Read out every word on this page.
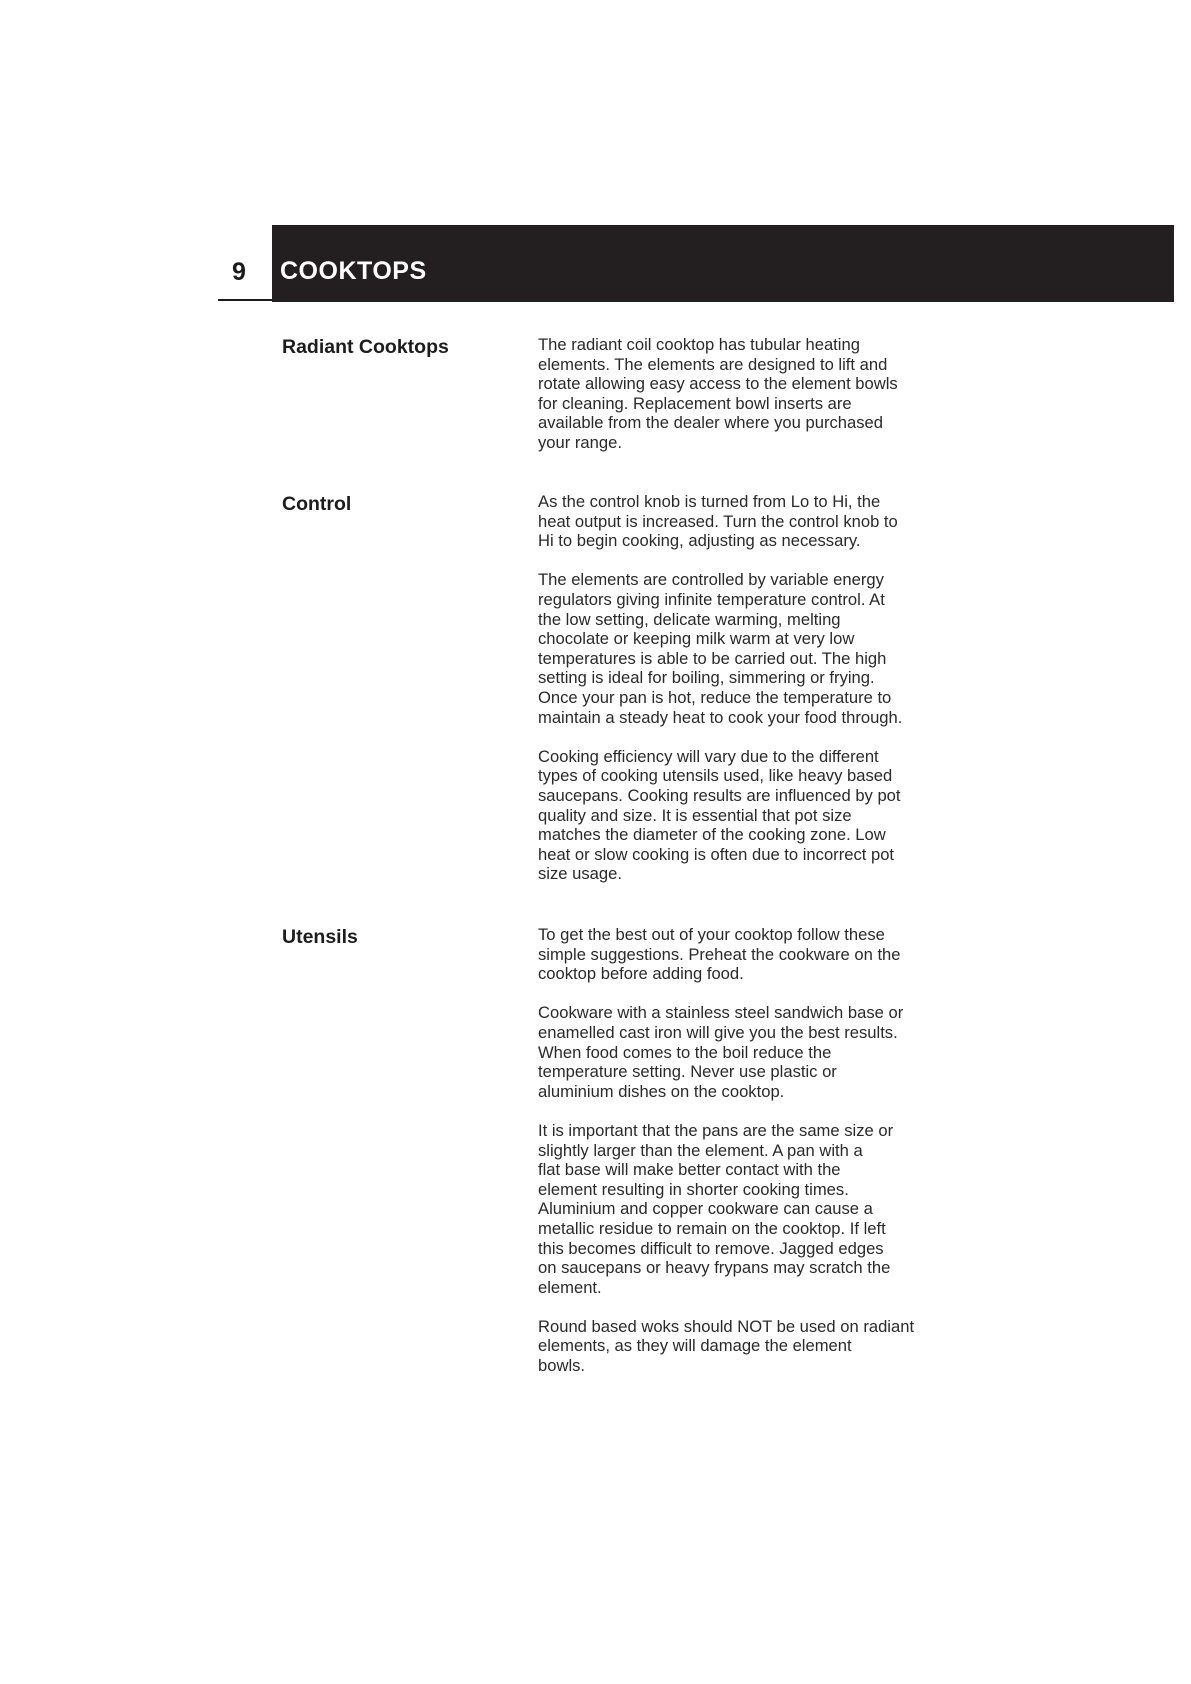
9 COOKTOPS
Radiant Cooktops	The radiant coil cooktop has tubular heating
elements. The elements are designed to lift and
rotate allowing easy access to the element bowls
for cleaning. Replacement bowl inserts are
available from the dealer where you purchased
your range.

Control	As the control knob is turned from Lo to Hi, the
heat output is increased. Turn the control knob to
Hi to begin cooking, adjusting as necessary.

The elements are controlled by variable energy
regulators giving infinite temperature control. At
the low setting, delicate warming, melting
chocolate or keeping milk warm at very low
temperatures is able to be carried out. The high
setting is ideal for boiling, simmering or frying.
Once your pan is hot, reduce the temperature to
maintain a steady heat to cook your food through.

Cooking efficiency will vary due to the different
types of cooking utensils used, like heavy based
saucepans. Cooking results are influenced by pot
quality and size. It is essential that pot size
matches the diameter of the cooking zone. Low
heat or slow cooking is often due to incorrect pot
size usage.

Utensils	To get the best out of your cooktop follow these
simple suggestions. Preheat the cookware on the
cooktop before adding food.

Cookware with a stainless steel sandwich base or
enamelled cast iron will give you the best results.
When food comes to the boil reduce the
temperature setting. Never use plastic or
aluminium dishes on the cooktop.

It is important that the pans are the same size or
slightly larger than the element. A pan with a
flat base will make better contact with the
element resulting in shorter cooking times.
Aluminium and copper cookware can cause a
metallic residue to remain on the cooktop. If left
this becomes difficult to remove. Jagged edges
on saucepans or heavy frypans may scratch the
element.

Round based woks should NOT be used on radiant
elements, as they will damage the element
bowls.
